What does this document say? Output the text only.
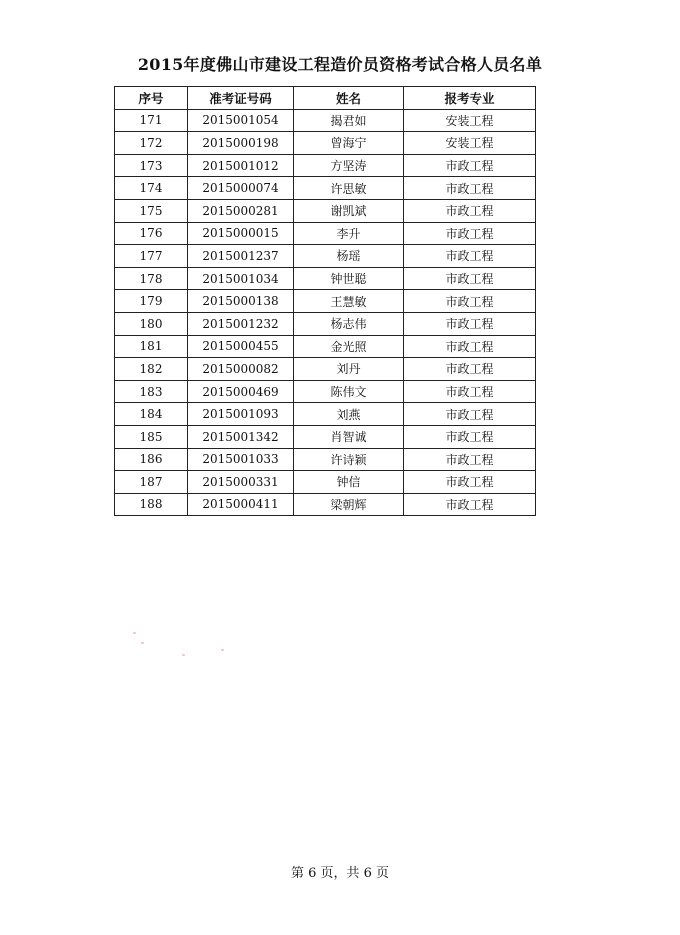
2015年度佛山市建设工程造价员资格考试合格人员名单
序号	准考证号码	姓名	报考专业
171	2015001054	揭君如	安装工程
172	2015000198	曾海宁	安装工程
173	2015001012	方坚涛	市政工程
174	2015000074	许思敏	市政工程
175	2015000281	谢凯斌	市政工程
176	2015000015	李升	市政工程
177	2015001237	杨瑶	市政工程
178	2015001034	钟世聪	市政工程
179	2015000138	王慧敏	市政工程
180	2015001232	杨志伟	市政工程
181	2015000455	金光照	市政工程
182	2015000082	刘丹	市政工程
183	2015000469	陈伟文	市政工程
184	2015001093	刘燕	市政工程
185	2015001342	肖智诚	市政工程
186	2015001033	许诗颖	市政工程
187	2015000331	钟信	市政工程
188	2015000411	梁朝辉	市政工程
第 6 页，共 6 页
